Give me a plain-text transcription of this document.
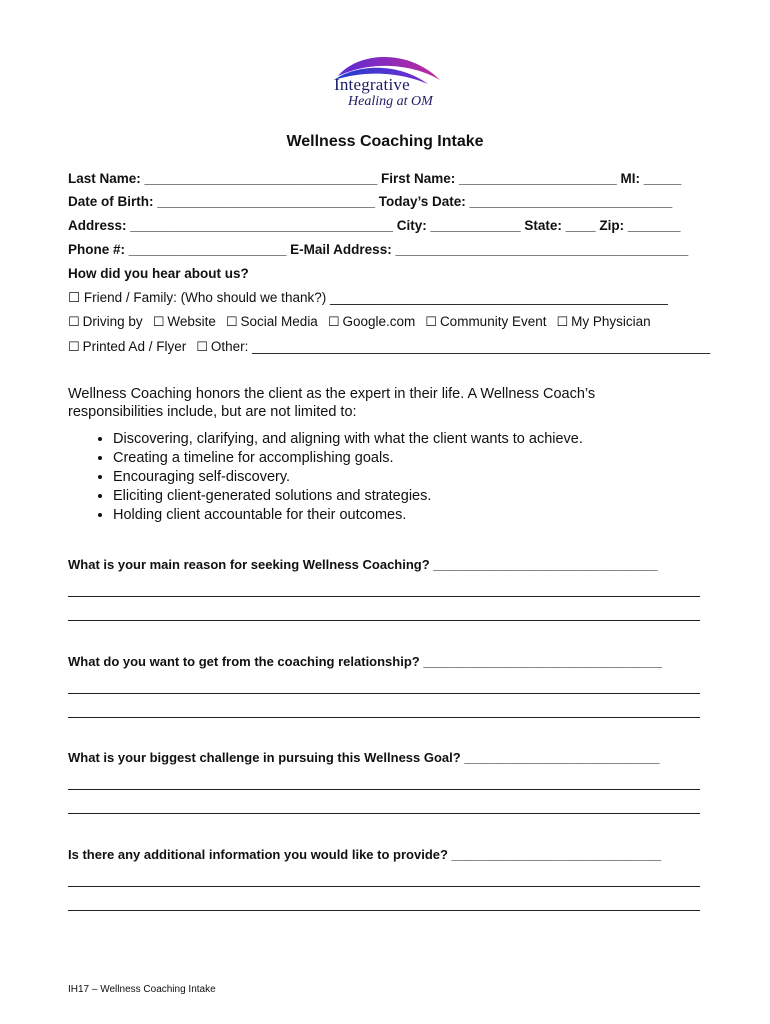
Integrative
Healing at OM
Wellness Coaching Intake
Last Name: _______________________________ First Name: _____________________ MI: _____
Date of Birth: _____________________________ Today’s Date: ___________________________
Address: ___________________________________ City: ____________ State: ____ Zip: _______
Phone #: _____________________ E-Mail Address: _______________________________________
How did you hear about us?
☐ Friend / Family: (Who should we thank?) _____________________________________________
☐ Driving by ☐ Website ☐ Social Media ☐ Google.com ☐ Community Event ☐ My Physician
☐ Printed Ad / Flyer ☐ Other: _____________________________________________________________
Wellness Coaching honors the client as the expert in their life. A Wellness Coach’s responsibilities include, but are not limited to:
• Discovering, clarifying, and aligning with what the client wants to achieve.
• Creating a timeline for accomplishing goals.
• Encouraging self-discovery.
• Eliciting client-generated solutions and strategies.
• Holding client accountable for their outcomes.
What is your main reason for seeking Wellness Coaching? _______________________________
What do you want to get from the coaching relationship? _________________________________
What is your biggest challenge in pursuing this Wellness Goal? ___________________________
Is there any additional information you would like to provide? _____________________________
IH17 – Wellness Coaching Intake
